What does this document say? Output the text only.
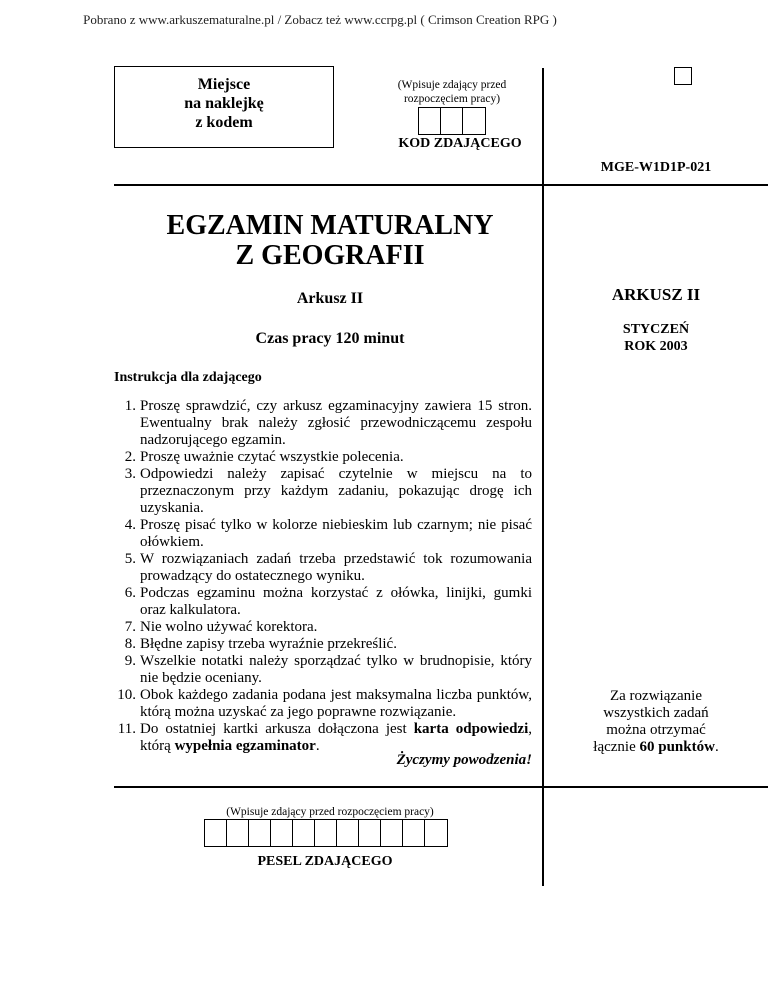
Pobrano z www.arkuszematuralne.pl / Zobacz też www.ccrpg.pl ( Crimson Creation RPG )
Miejsce
na naklejkę
z kodem
(Wpisuje zdający przed
rozpoczęciem pracy)
KOD ZDAJĄCEGO
MGE-W1D1P-021
EGZAMIN MATURALNY
Z GEOGRAFII
Arkusz II
Czas pracy 120 minut
ARKUSZ II
STYCZEŃ
ROK 2003
Instrukcja dla zdającego
1. Proszę sprawdzić, czy arkusz egzaminacyjny zawiera 15 stron. Ewentualny brak należy zgłosić przewodniczącemu zespołu nadzorującego egzamin.
2. Proszę uważnie czytać wszystkie polecenia.
3. Odpowiedzi należy zapisać czytelnie w miejscu na to przeznaczonym przy każdym zadaniu, pokazując drogę ich uzyskania.
4. Proszę pisać tylko w kolorze niebieskim lub czarnym; nie pisać ołówkiem.
5. W rozwiązaniach zadań trzeba przedstawić tok rozumowania prowadzący do ostatecznego wyniku.
6. Podczas egzaminu można korzystać z ołówka, linijki, gumki oraz kalkulatora.
7. Nie wolno używać korektora.
8. Błędne zapisy trzeba wyraźnie przekreślić.
9. Wszelkie notatki należy sporządzać tylko w brudnopisie, który nie będzie oceniany.
10. Obok każdego zadania podana jest maksymalna liczba punktów, którą można uzyskać za jego poprawne rozwiązanie.
11. Do ostatniej kartki arkusza dołączona jest karta odpowiedzi, którą wypełnia egzaminator.
Życzymy powodzenia!
Za rozwiązanie
wszystkich zadań
można otrzymać
łącznie 60 punktów.
(Wpisuje zdający przed rozpoczęciem pracy)
PESEL ZDAJĄCEGO
